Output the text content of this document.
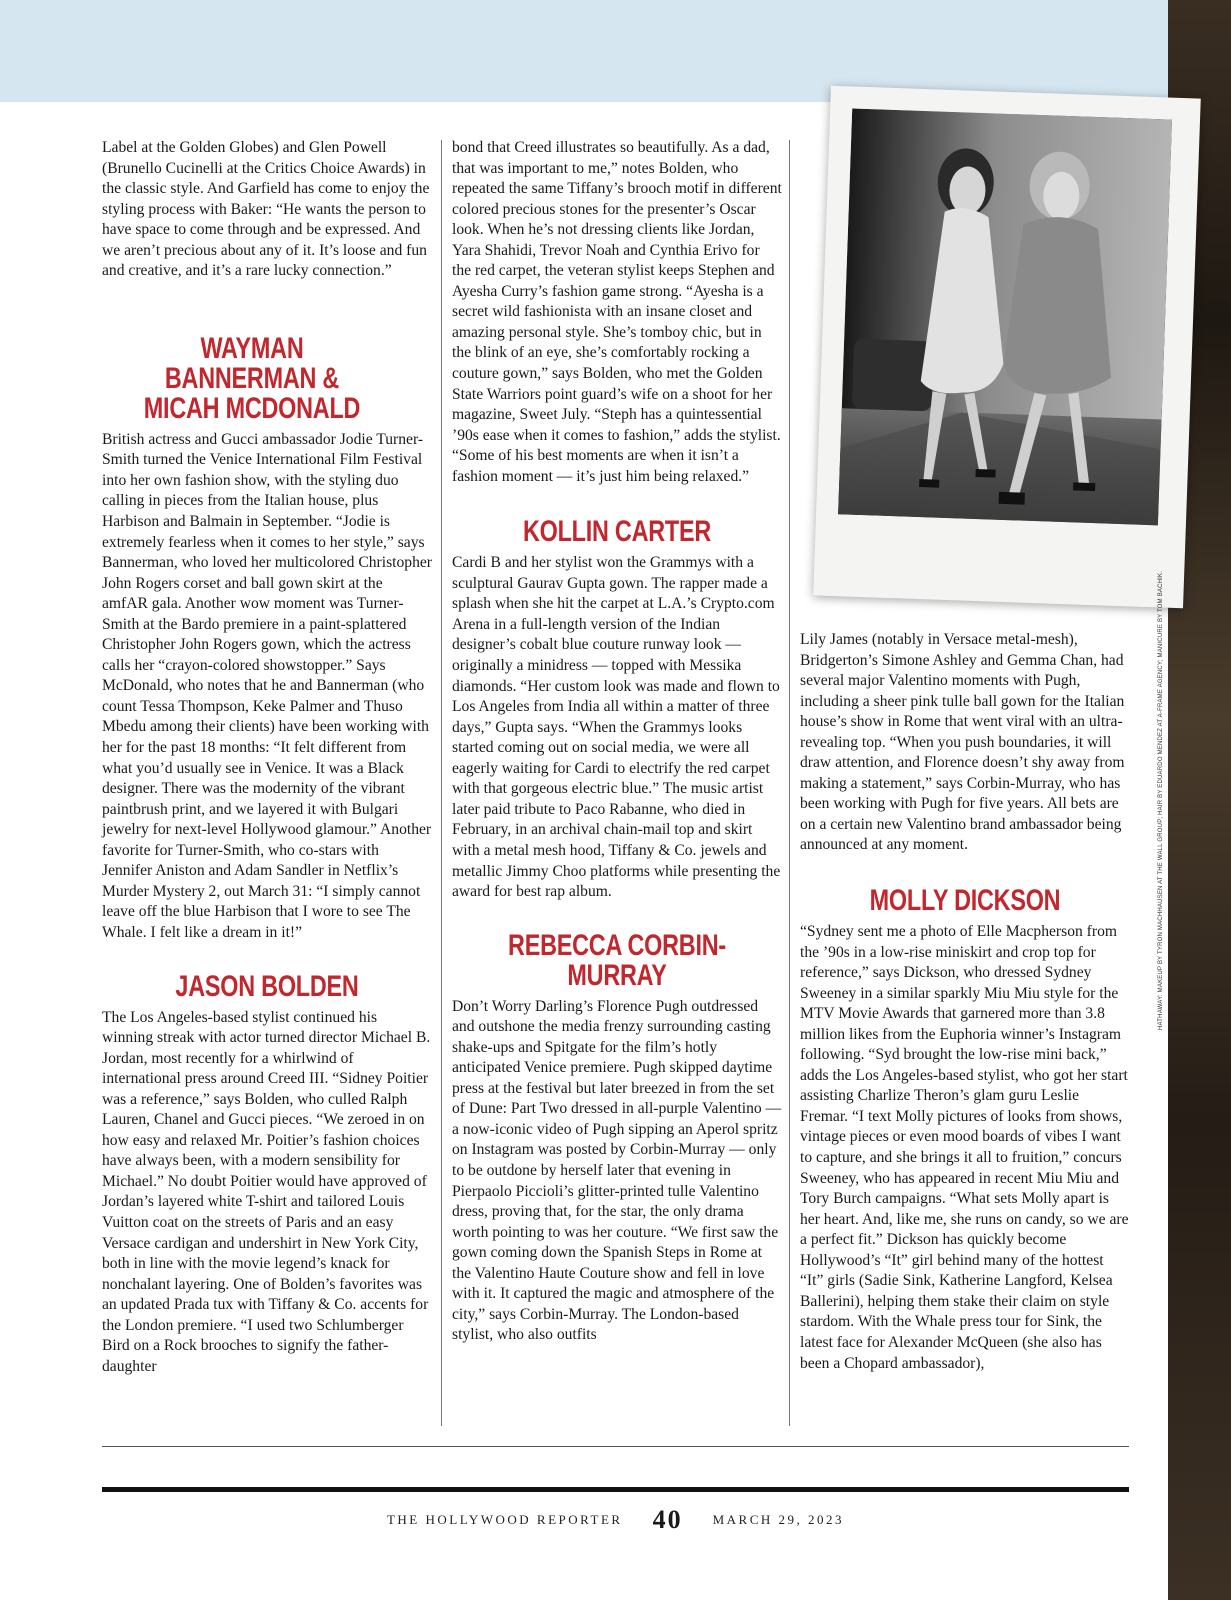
Label at the Golden Globes) and Glen Powell (Brunello Cucinelli at the Critics Choice Awards) in the classic style. And Garfield has come to enjoy the styling process with Baker: “He wants the person to have space to come through and be expressed. And we aren’t precious about any of it. It’s loose and fun and creative, and it’s a rare lucky connection.”

WAYMAN BANNERMAN & MICAH MCDONALD

British actress and Gucci ambassador Jodie Turner-Smith turned the Venice International Film Festival into her own fashion show, with the styling duo calling in pieces from the Italian house, plus Harbison and Balmain in September. “Jodie is extremely fearless when it comes to her style,” says Bannerman, who loved her multicolored Christopher John Rogers corset and ball gown skirt at the amfAR gala. Another wow moment was Turner-Smith at the Bardo premiere in a paint-splattered Christopher John Rogers gown, which the actress calls her “crayon-colored showstopper.” Says McDonald, who notes that he and Bannerman (who count Tessa Thompson, Keke Palmer and Thuso Mbedu among their clients) have been working with her for the past 18 months: “It felt different from what you’d usually see in Venice. It was a Black designer. There was the modernity of the vibrant paintbrush print, and we layered it with Bulgari jewelry for next-level Hollywood glamour.” Another favorite for Turner-Smith, who co-stars with Jennifer Aniston and Adam Sandler in Netflix’s Murder Mystery 2, out March 31: “I simply cannot leave off the blue Harbison that I wore to see The Whale. I felt like a dream in it!”

JASON BOLDEN

The Los Angeles-based stylist continued his winning streak with actor turned director Michael B. Jordan, most recently for a whirlwind of international press around Creed III. “Sidney Poitier was a reference,” says Bolden, who culled Ralph Lauren, Chanel and Gucci pieces. “We zeroed in on how easy and relaxed Mr. Poitier’s fashion choices have always been, with a modern sensibility for Michael.” No doubt Poitier would have approved of Jordan’s layered white T-shirt and tailored Louis Vuitton coat on the streets of Paris and an easy Versace cardigan and undershirt in New York City, both in line with the movie legend’s knack for nonchalant layering. One of Bolden’s favorites was an updated Prada tux with Tiffany & Co. accents for the London premiere. “I used two Schlumberger Bird on a Rock brooches to signify the father-daughter

bond that Creed illustrates so beautifully. As a dad, that was important to me,” notes Bolden, who repeated the same Tiffany’s brooch motif in different colored precious stones for the presenter’s Oscar look. When he’s not dressing clients like Jordan, Yara Shahidi, Trevor Noah and Cynthia Erivo for the red carpet, the veteran stylist keeps Stephen and Ayesha Curry’s fashion game strong. “Ayesha is a secret wild fashionista with an insane closet and amazing personal style. She’s tomboy chic, but in the blink of an eye, she’s comfortably rocking a couture gown,” says Bolden, who met the Golden State Warriors point guard’s wife on a shoot for her magazine, Sweet July. “Steph has a quintessential ’90s ease when it comes to fashion,” adds the stylist. “Some of his best moments are when it isn’t a fashion moment — it’s just him being relaxed.”

KOLLIN CARTER

Cardi B and her stylist won the Grammys with a sculptural Gaurav Gupta gown. The rapper made a splash when she hit the carpet at L.A.’s Crypto.com Arena in a full-length version of the Indian designer’s cobalt blue couture runway look — originally a minidress — topped with Messika diamonds. “Her custom look was made and flown to Los Angeles from India all within a matter of three days,” Gupta says. “When the Grammys looks started coming out on social media, we were all eagerly waiting for Cardi to electrify the red carpet with that gorgeous electric blue.” The music artist later paid tribute to Paco Rabanne, who died in February, in an archival chain-mail top and skirt with a metal mesh hood, Tiffany & Co. jewels and metallic Jimmy Choo platforms while presenting the award for best rap album.

REBECCA CORBIN-MURRAY

Don’t Worry Darling’s Florence Pugh outdressed and outshone the media frenzy surrounding casting shake-ups and Spitgate for the film’s hotly anticipated Venice premiere. Pugh skipped daytime press at the festival but later breezed in from the set of Dune: Part Two dressed in all-purple Valentino — a now-iconic video of Pugh sipping an Aperol spritz on Instagram was posted by Corbin-Murray — only to be outdone by herself later that evening in Pierpaolo Piccioli’s glitter-printed tulle Valentino dress, proving that, for the star, the only drama worth pointing to was her couture. “We first saw the gown coming down the Spanish Steps in Rome at the Valentino Haute Couture show and fell in love with it. It captured the magic and atmosphere of the city,” says Corbin-Murray. The London-based stylist, who also outfits

Lily James (notably in Versace metal-mesh), Bridgerton’s Simone Ashley and Gemma Chan, had several major Valentino moments with Pugh, including a sheer pink tulle ball gown for the Italian house’s show in Rome that went viral with an ultra-revealing top. “When you push boundaries, it will draw attention, and Florence doesn’t shy away from making a statement,” says Corbin-Murray, who has been working with Pugh for five years. All bets are on a certain new Valentino brand ambassador being announced at any moment.

MOLLY DICKSON

“Sydney sent me a photo of Elle Macpherson from the ’90s in a low-rise miniskirt and crop top for reference,” says Dickson, who dressed Sydney Sweeney in a similar sparkly Miu Miu style for the MTV Movie Awards that garnered more than 3.8 million likes from the Euphoria winner’s Instagram following. “Syd brought the low-rise mini back,” adds the Los Angeles-based stylist, who got her start assisting Charlize Theron’s glam guru Leslie Fremar. “I text Molly pictures of looks from shows, vintage pieces or even mood boards of vibes I want to capture, and she brings it all to fruition,” concurs Sweeney, who has appeared in recent Miu Miu and Tory Burch campaigns. “What sets Molly apart is her heart. And, like me, she runs on candy, so we are a perfect fit.” Dickson has quickly become Hollywood’s “It” girl behind many of the hottest “It” girls (Sadie Sink, Katherine Langford, Kelsea Ballerini), helping them stake their claim on style stardom. With the Whale press tour for Sink, the latest face for Alexander McQueen (she also has been a Chopard ambassador),

HATHAWAY: MAKEUP BY TYRON MACHHAUSEN AT THE WALL GROUP; HAIR BY EDUARDO MENDEZ AT A-FRAME AGENCY; MANICURE BY TOM BACHIK.
THE HOLLYWOOD REPORTER 40 MARCH 29, 2023
